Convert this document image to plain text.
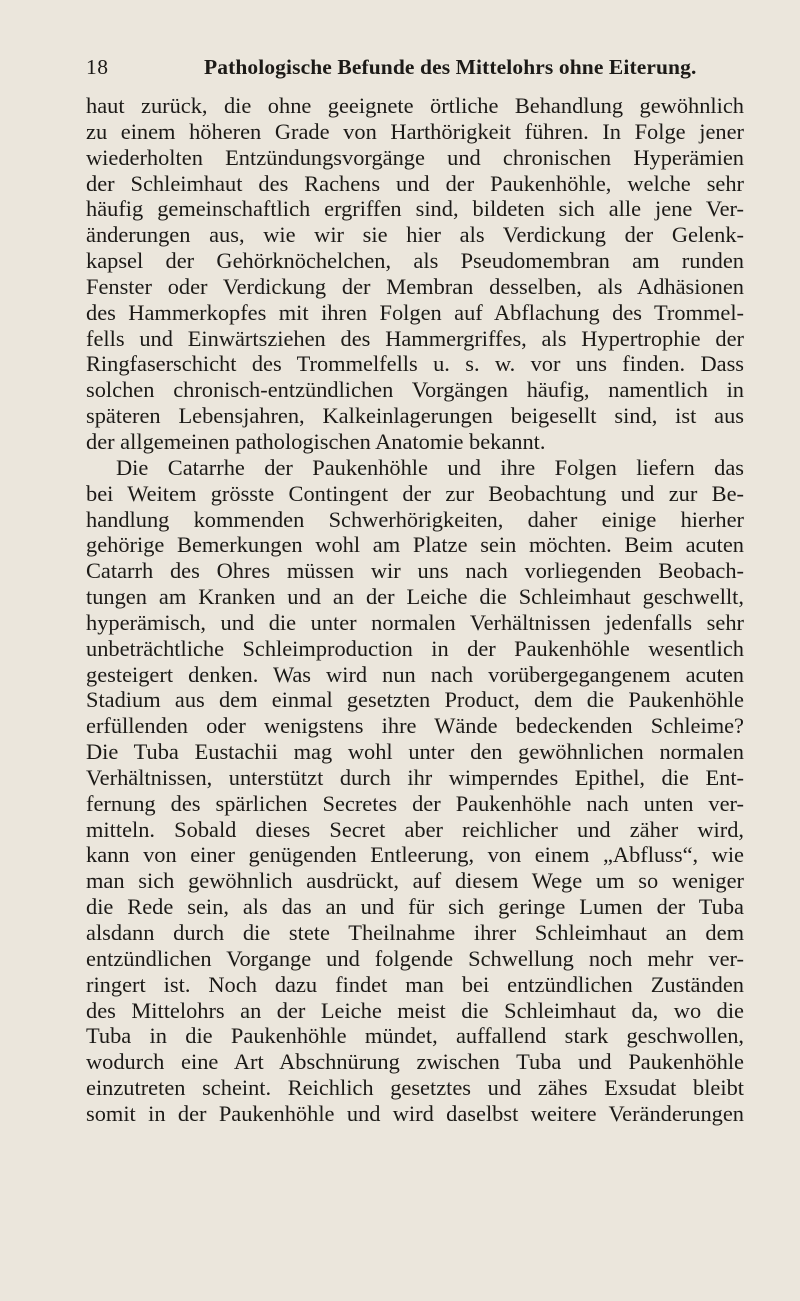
18	Pathologische Befunde des Mittelohrs ohne Eiterung.
haut zurück, die ohne geeignete örtliche Behandlung gewöhnlich
zu einem höheren Grade von Harthörigkeit führen. In Folge jener
wiederholten Entzündungsvorgänge und chronischen Hyperämien
der Schleimhaut des Rachens und der Paukenhöhle, welche sehr
häufig gemeinschaftlich ergriffen sind, bildeten sich alle jene Ver-
änderungen aus, wie wir sie hier als Verdickung der Gelenk-
kapsel der Gehörknöchelchen, als Pseudomembran am runden
Fenster oder Verdickung der Membran desselben, als Adhäsionen
des Hammerkopfes mit ihren Folgen auf Abflachung des Trommel-
fells und Einwärtsziehen des Hammergriffes, als Hypertrophie der
Ringfaserschicht des Trommelfells u. s. w. vor uns finden. Dass
solchen chronisch-entzündlichen Vorgängen häufig, namentlich in
späteren Lebensjahren, Kalkeinlagerungen beigesellt sind, ist aus
der allgemeinen pathologischen Anatomie bekannt.
Die Catarrhe der Paukenhöhle und ihre Folgen liefern das
bei Weitem grösste Contingent der zur Beobachtung und zur Be-
handlung kommenden Schwerhörigkeiten, daher einige hierher
gehörige Bemerkungen wohl am Platze sein möchten. Beim acuten
Catarrh des Ohres müssen wir uns nach vorliegenden Beobach-
tungen am Kranken und an der Leiche die Schleimhaut geschwellt,
hyperämisch, und die unter normalen Verhältnissen jedenfalls sehr
unbeträchtliche Schleimproduction in der Paukenhöhle wesentlich
gesteigert denken. Was wird nun nach vorübergegangenem acuten
Stadium aus dem einmal gesetzten Product, dem die Paukenhöhle
erfüllenden oder wenigstens ihre Wände bedeckenden Schleime?
Die Tuba Eustachii mag wohl unter den gewöhnlichen normalen
Verhältnissen, unterstützt durch ihr wimperndes Epithel, die Ent-
fernung des spärlichen Secretes der Paukenhöhle nach unten ver-
mitteln. Sobald dieses Secret aber reichlicher und zäher wird,
kann von einer genügenden Entleerung, von einem „Abfluss“, wie
man sich gewöhnlich ausdrückt, auf diesem Wege um so weniger
die Rede sein, als das an und für sich geringe Lumen der Tuba
alsdann durch die stete Theilnahme ihrer Schleimhaut an dem
entzündlichen Vorgange und folgende Schwellung noch mehr ver-
ringert ist. Noch dazu findet man bei entzündlichen Zuständen
des Mittelohrs an der Leiche meist die Schleimhaut da, wo die
Tuba in die Paukenhöhle mündet, auffallend stark geschwollen,
wodurch eine Art Abschnürung zwischen Tuba und Paukenhöhle
einzutreten scheint. Reichlich gesetztes und zähes Exsudat bleibt
somit in der Paukenhöhle und wird daselbst weitere Veränderungen
